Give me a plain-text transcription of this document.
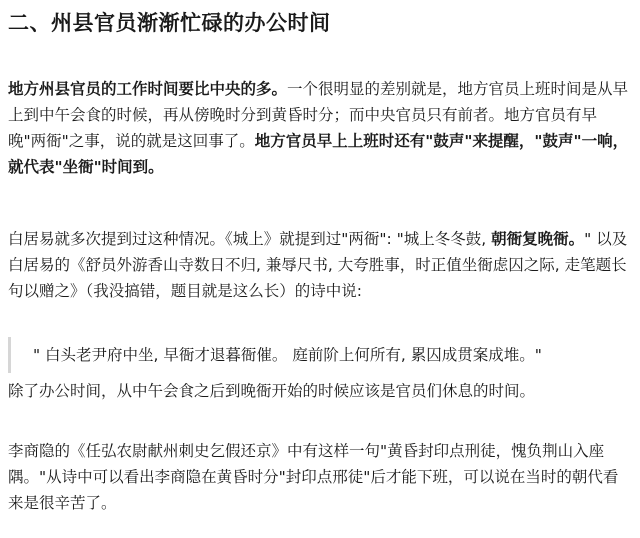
二、州县官员渐渐忙碌的办公时间
地方州县官员的工作时间要比中央的多。一个很明显的差别就是，地方官员上班时间是从早
上到中午会食的时候，再从傍晚时分到黄昏时分；而中央官员只有前者。地方官员有早
晚"两衙"之事，说的就是这回事了。地方官员早上上班时还有"鼓声"来提醒，"鼓声"一响，
就代表"坐衙"时间到。
白居易就多次提到过这种情况。《城上》就提到过"两衙": "城上冬冬鼓, 朝衙复晚衙。" 以及
白居易的《舒员外游香山寺数日不归, 兼辱尺书, 大夸胜事，时正值坐衙虑囚之际, 走笔题长
句以赠之》（我没搞错，题目就是这么长）的诗中说:
" 白头老尹府中坐, 早衙才退暮衙催。 庭前阶上何所有, 累囚成贯案成堆。"
除了办公时间，从中午会食之后到晚衙开始的时候应该是官员们休息的时间。
李商隐的《任弘农尉献州刺史乞假还京》中有这样一句"黄昏封印点刑徒，愧负荆山入座
隅。"从诗中可以看出李商隐在黄昏时分"封印点邢徒"后才能下班，可以说在当时的朝代看
来是很辛苦了。
